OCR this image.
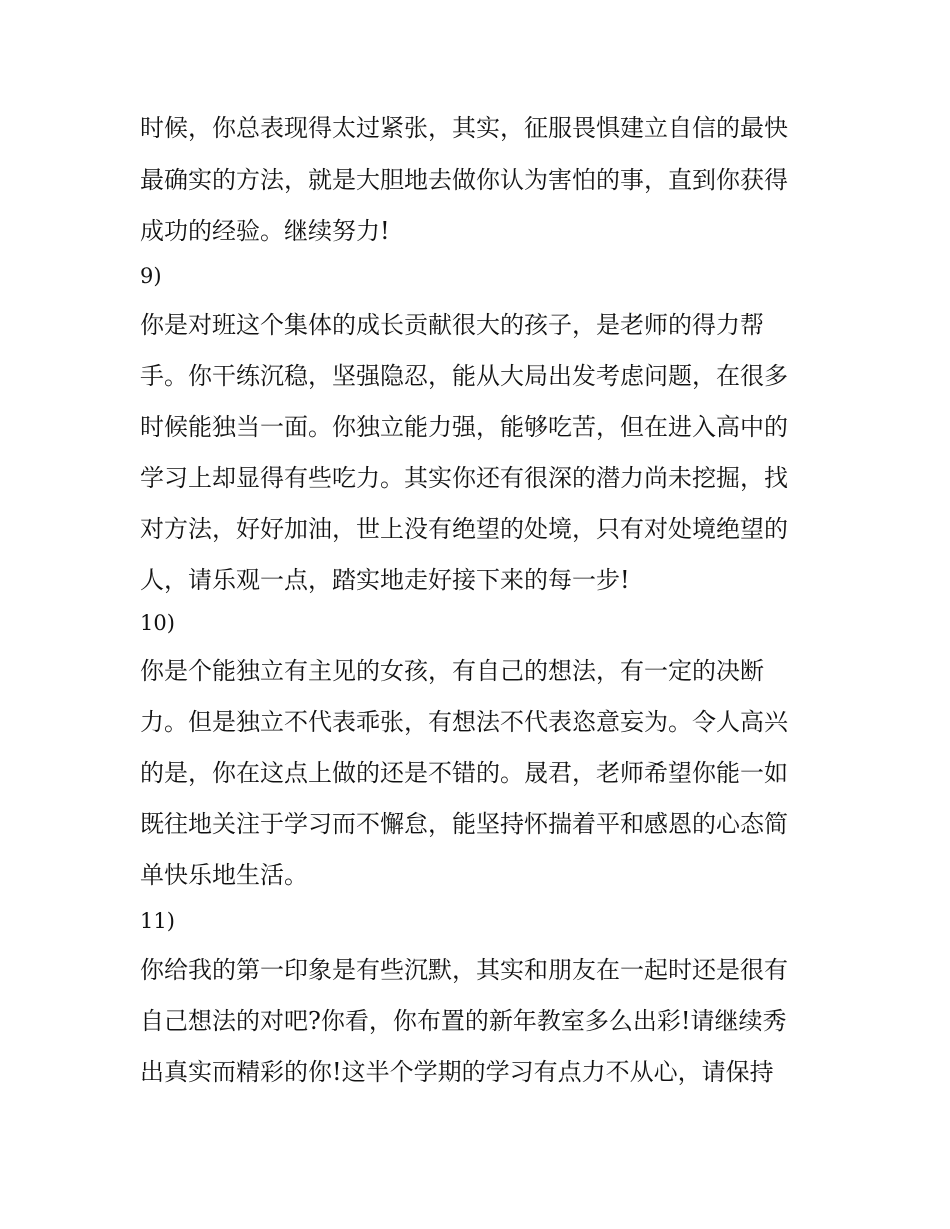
时候，你总表现得太过紧张，其实，征服畏惧建立自信的最快
最确实的方法，就是大胆地去做你认为害怕的事，直到你获得
成功的经验。继续努力!
9)
你是对班这个集体的成长贡献很大的孩子，是老师的得力帮
手。你干练沉稳，坚强隐忍，能从大局出发考虑问题，在很多
时候能独当一面。你独立能力强，能够吃苦，但在进入高中的
学习上却显得有些吃力。其实你还有很深的潜力尚未挖掘，找
对方法，好好加油，世上没有绝望的处境，只有对处境绝望的
人，请乐观一点，踏实地走好接下来的每一步!
10)
你是个能独立有主见的女孩，有自己的想法，有一定的决断
力。但是独立不代表乖张，有想法不代表恣意妄为。令人高兴
的是，你在这点上做的还是不错的。晟君，老师希望你能一如
既往地关注于学习而不懈怠，能坚持怀揣着平和感恩的心态简
单快乐地生活。
11)
你给我的第一印象是有些沉默，其实和朋友在一起时还是很有
自己想法的对吧?你看，你布置的新年教室多么出彩!请继续秀
出真实而精彩的你!这半个学期的学习有点力不从心，请保持
